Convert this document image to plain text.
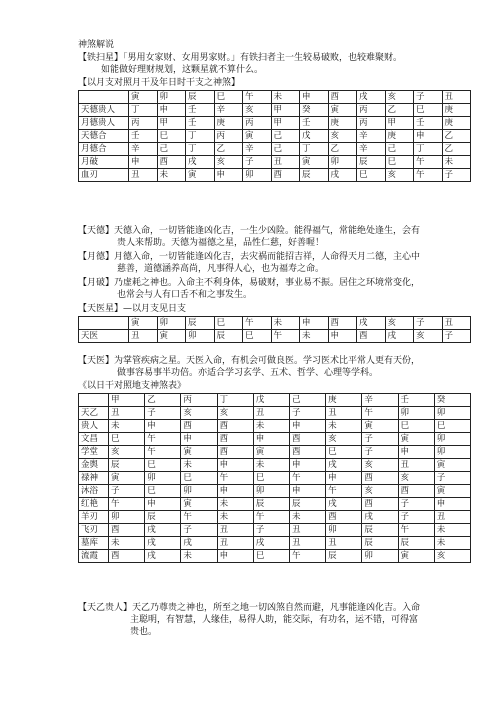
神煞解说
【铁扫星】「男用女家财、女用男家财。」有铁扫者主一生较易破败，也较难聚财。
如能做好理财规划，这颗星就不算什么。
【以月支对照月干及年日时干支之神煞】
	寅	卯	辰	巳	午	未	申	酉	戌	亥	子	丑
天德贵人	丁	申	壬	辛	亥	甲	癸	寅	丙	乙	巳	庚
月德贵人	丙	甲	壬	庚	丙	甲	壬	庚	丙	甲	壬	庚
天德合	壬	巳	丁	丙	寅	己	戊	亥	辛	庚	申	乙
月德合	辛	己	丁	乙	辛	己	丁	乙	辛	己	丁	乙
月破	申	酉	戌	亥	子	丑	寅	卯	辰	巳	午	未
血刃	丑	未	寅	申	卯	酉	辰	戌	巳	亥	午	子
【天德】天德入命，一切皆能逢凶化吉，一生少凶险。能得福气，常能绝处逢生，会有
贵人来帮助。天德为福德之星，品性仁慈，好善喔！
【月德】月德入命，一切皆能逢凶化吉，去灾祸而能招吉祥，人命得天月二德，主心中
慈善，道德涵养高尚，凡事得人心，也为福寿之命。
【月破】乃虚耗之神也。入命主不利身体，易破财，事业易不振。居住之环境常变化，
也常会与人有口舌不和之事发生。
【天医星】—以月支见日支
	寅	卯	辰	巳	午	未	申	酉	戌	亥	子	丑
天医	丑	寅	卯	辰	巳	午	未	申	酉	戌	亥	子
【天医】为掌管疾病之星。天医入命，有机会可做良医。学习医术比平常人更有天份，
做事容易事半功倍。亦适合学习玄学、五术、哲学、心理等学科。
《以日干对照地支神煞表》
	甲	乙	丙	丁	戊	己	庚	辛	壬	癸
天乙	丑	子	亥	亥	丑	子	丑	午	卯	卯
贵人	未	申	酉	酉	未	申	未	寅	巳	巳
文昌	巳	午	申	酉	申	酉	亥	子	寅	卯
学堂	亥	午	寅	酉	寅	酉	巳	子	申	卯
金舆	辰	巳	未	申	未	申	戌	亥	丑	寅
禄神	寅	卯	巳	午	巳	午	申	酉	亥	子
沐浴	子	巳	卯	申	卯	申	午	亥	酉	寅
红艳	午	申	寅	未	辰	辰	戌	酉	子	申
羊刃	卯	辰	午	未	午	未	酉	戌	子	丑
飞刃	酉	戌	子	丑	子	丑	卯	辰	午	未
墓库	未	戌	戌	丑	戌	丑	丑	辰	辰	未
流霞	酉	戌	未	申	巳	午	辰	卯	寅	亥
【天乙贵人】天乙乃尊贵之神也，所至之地一切凶煞自然而避，凡事能逢凶化吉。入命
主聪明，有智慧，人缘佳，易得人助，能交际，有功名，运不错，可得富
贵也。
